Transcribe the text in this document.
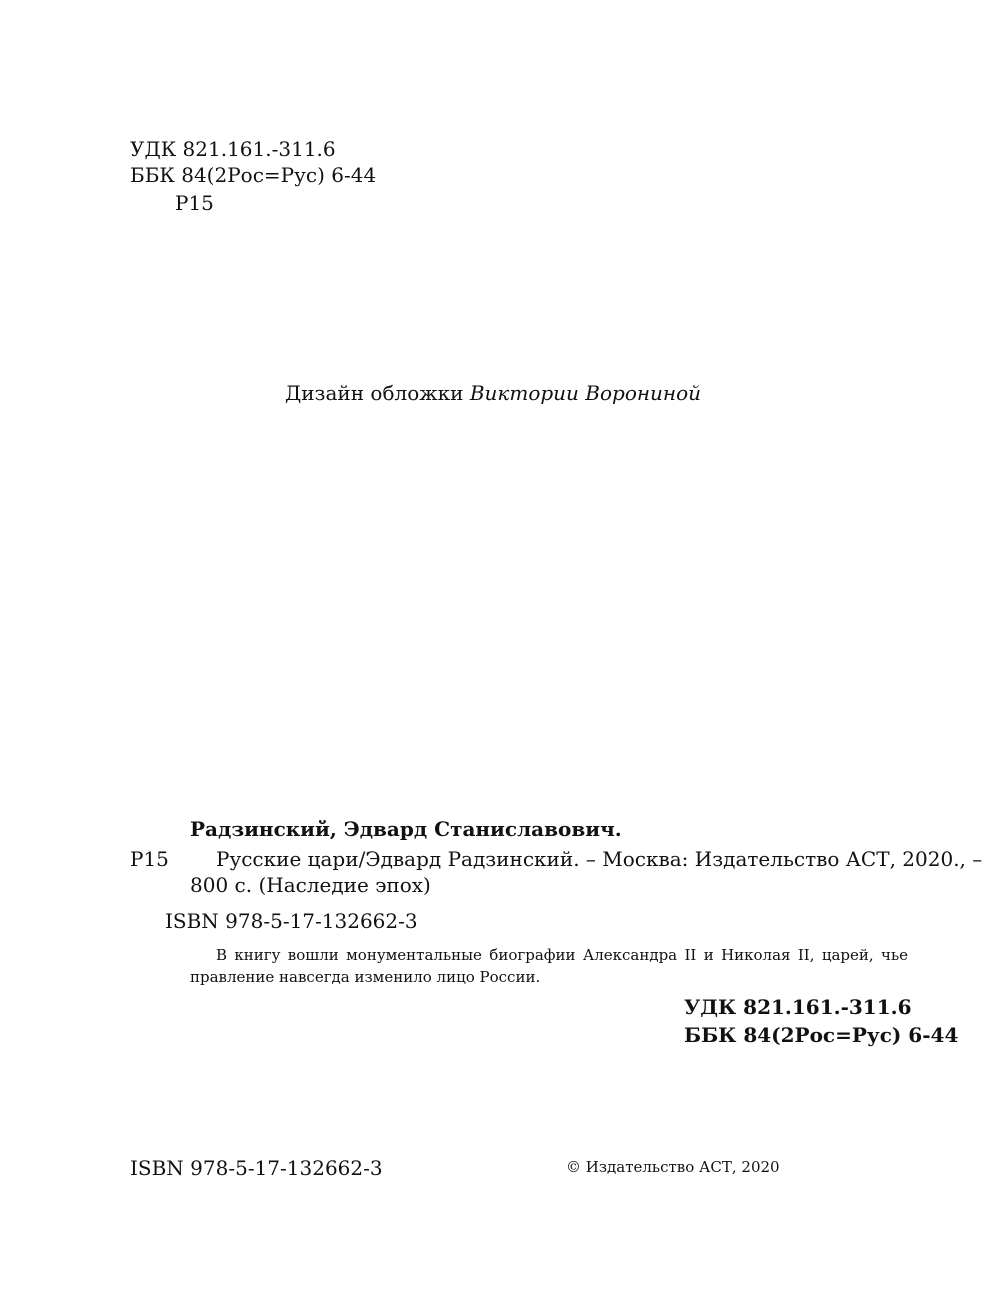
УДК 821.161.-311.6
ББК 84(2Рос=Рус) 6-44
Р15
Дизайн обложки Виктории Ворониной
Радзинский, Эдвард Станиславович.
Р15 Русские цари/Эдвард Радзинский. – Москва: Издательство АСТ, 2020., –
800 с. (Наследие эпох)
ISBN 978-5-17-132662-3
В книгу вошли монументальные биографии Александра II и Николая II, царей, чье правление навсегда изменило лицо России.
УДК 821.161.-311.6
ББК 84(2Рос=Рус) 6-44
ISBN 978-5-17-132662-3	© Издательство АСТ, 2020
